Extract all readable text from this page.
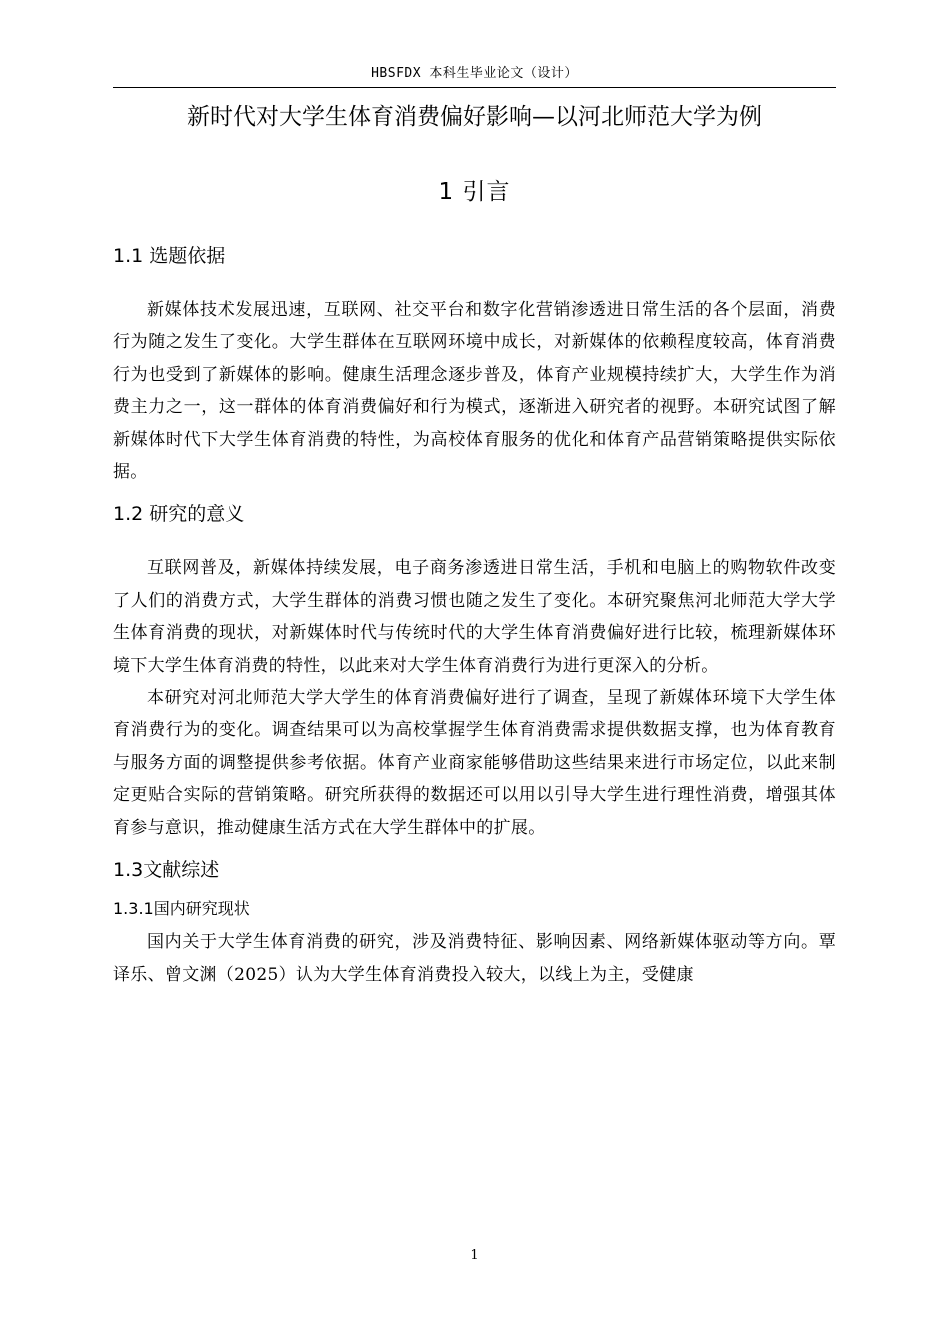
HBSFDX 本科生毕业论文（设计）
新时代对大学生体育消费偏好影响—以河北师范大学为例
1 引言
1.1 选题依据

新媒体技术发展迅速，互联网、社交平台和数字化营销渗透进日常生活的各个层面，消费行为随之发生了变化。大学生群体在互联网环境中成长，对新媒体的依赖程度较高，体育消费行为也受到了新媒体的影响。健康生活理念逐步普及，体育产业规模持续扩大，大学生作为消费主力之一，这一群体的体育消费偏好和行为模式，逐渐进入研究者的视野。本研究试图了解新媒体时代下大学生体育消费的特性，为高校体育服务的优化和体育产品营销策略提供实际依据。

1.2 研究的意义

互联网普及，新媒体持续发展，电子商务渗透进日常生活，手机和电脑上的购物软件改变了人们的消费方式，大学生群体的消费习惯也随之发生了变化。本研究聚焦河北师范大学大学生体育消费的现状，对新媒体时代与传统时代的大学生体育消费偏好进行比较，梳理新媒体环境下大学生体育消费的特性，以此来对大学生体育消费行为进行更深入的分析。

本研究对河北师范大学大学生的体育消费偏好进行了调查，呈现了新媒体环境下大学生体育消费行为的变化。调查结果可以为高校掌握学生体育消费需求提供数据支撑，也为体育教育与服务方面的调整提供参考依据。体育产业商家能够借助这些结果来进行市场定位，以此来制定更贴合实际的营销策略。研究所获得的数据还可以用以引导大学生进行理性消费，增强其体育参与意识，推动健康生活方式在大学生群体中的扩展。

1.3文献综述
1.3.1国内研究现状

国内关于大学生体育消费的研究，涉及消费特征、影响因素、网络新媒体驱动等方向。覃译乐、曾文渊（2025）认为大学生体育消费投入较大，以线上为主，受健康

1
